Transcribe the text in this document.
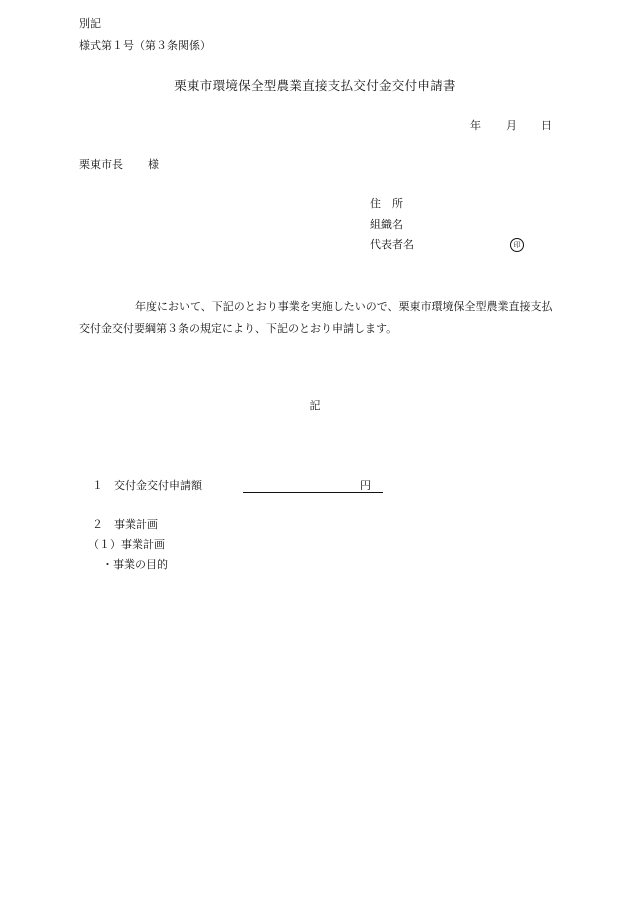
別記
様式第１号（第３条関係）
栗東市環境保全型農業直接支払交付金交付申請書
年 月 日
栗東市長 様
住　所
組織名
代表者名	印
年度において、下記のとおり事業を実施したいので、栗東市環境保全型農業直接支払交付金交付要綱第３条の規定により、下記のとおり申請します。
記
１ 交付金交付申請額	円
２ 事業計画
（１）事業計画
・事業の目的
